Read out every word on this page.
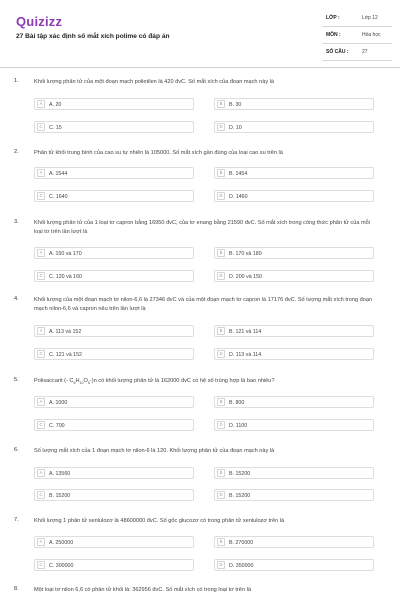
Quizizz
27 Bài tập xác định số mắt xích polime có đáp án
LỚP :	Lớp 12
MÔN :	Hóa học
SỐ CÂU :	27
1.	Khối lượng phân tử của một đoạn mạch polietilen là 420 đvC. Số mắt xích của đoạn mạch này là
A	A. 20	B	B. 30
C	C. 15	D	D. 10
2.	Phân tử khối trung bình của cao su tự nhiên là 105000. Số mắt xích gần đúng của loại cao su trên là
A	A. 1544	B	B. 1454
C	C. 1640	D	D. 1460
3.	Khối lượng phân tử của 1 loại tơ capron bằng 16950 đvC, của tơ enang bằng 21590 đvC. Số mắt xích trong công thức phân tử của mỗi loại tơ trên lần lượt là
A	A. 150 và 170	B	B. 170 và 180
C	C. 120 và 160	D	D. 200 và 150
4.	Khối lượng của một đoạn mạch tơ nilon-6,6 là 27346 đvC và của một đoạn mạch tơ capron là 17176 đvC. Số lượng mắt xích trong đoạn mạch nilon-6,6 và capron nêu trên lần lượt là
A	A. 113 và 152	B	B. 121 và 114
C	C. 121 và 152	D	D. 113 và 114
5.	Polisaccarit (- $C_6H_{10}O_5-)n$ có khối lượng phân tử là 162000 đvC có hệ số trùng hợp là bao nhiêu?
A	A. 1000	B	B. 800
C	C. 700	D	D. 1100
6.	Số lượng mắt xích của 1 đoạn mạch tơ nilon-6 là 120. Khối lượng phân tử của đoạn mạch này là
A	A. 13560	B	B. 15200
C	B. 15200	D	B. 15200
7.	Khối lượng 1 phân tử xenlulozơ là 48600000 đvC. Số gốc glucozơ có trong phân tử xenlulozơ trên là
A	A. 250000	B	B. 270000
C	C. 300000	D	D. 350000
8.	Một loại tơ nilon 6,6 có phân tử khối là: 362956 đvC. Số mắt xích có trong loại tơ trên là
